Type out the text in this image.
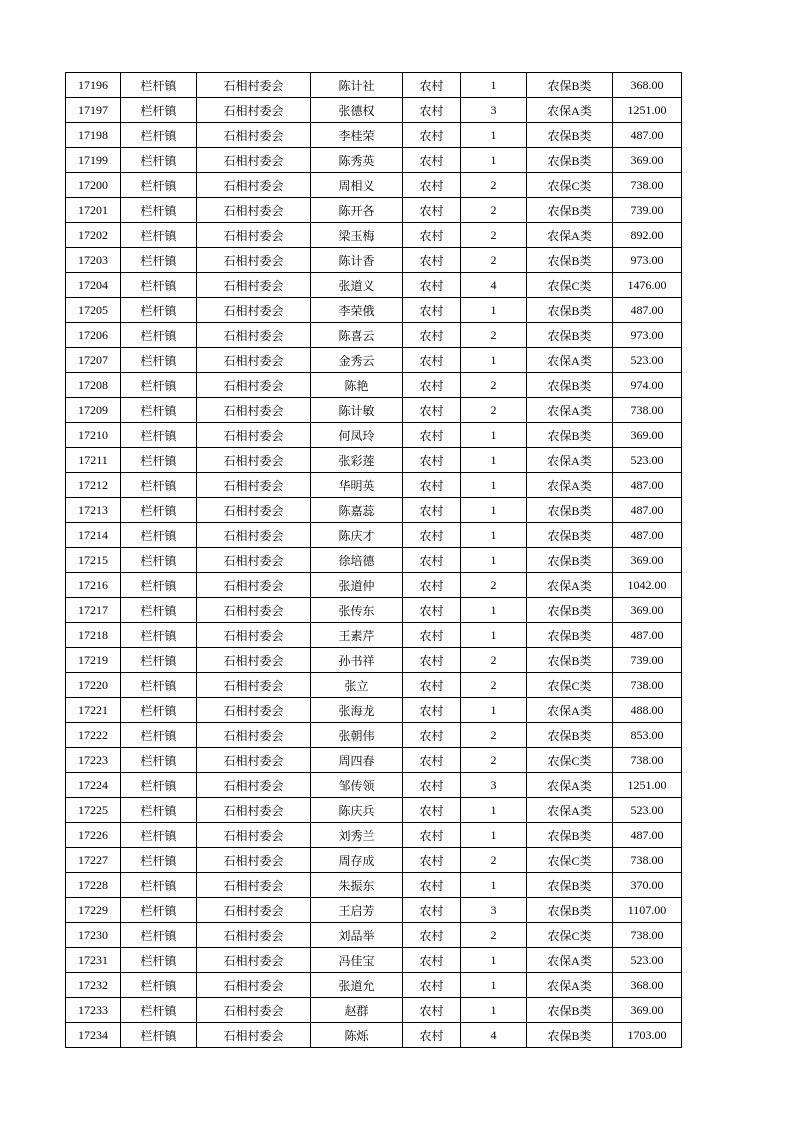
17196	栏杆镇	石相村委会	陈计社	农村	1	农保B类	368.00
17197	栏杆镇	石相村委会	张德权	农村	3	农保A类	1251.00
17198	栏杆镇	石相村委会	李桂荣	农村	1	农保B类	487.00
17199	栏杆镇	石相村委会	陈秀英	农村	1	农保B类	369.00
17200	栏杆镇	石相村委会	周相义	农村	2	农保C类	738.00
17201	栏杆镇	石相村委会	陈开各	农村	2	农保B类	739.00
17202	栏杆镇	石相村委会	梁玉梅	农村	2	农保A类	892.00
17203	栏杆镇	石相村委会	陈计香	农村	2	农保B类	973.00
17204	栏杆镇	石相村委会	张道义	农村	4	农保C类	1476.00
17205	栏杆镇	石相村委会	李荣俄	农村	1	农保B类	487.00
17206	栏杆镇	石相村委会	陈喜云	农村	2	农保B类	973.00
17207	栏杆镇	石相村委会	金秀云	农村	1	农保A类	523.00
17208	栏杆镇	石相村委会	陈艳	农村	2	农保B类	974.00
17209	栏杆镇	石相村委会	陈计敏	农村	2	农保A类	738.00
17210	栏杆镇	石相村委会	何凤玲	农村	1	农保B类	369.00
17211	栏杆镇	石相村委会	张彩莲	农村	1	农保A类	523.00
17212	栏杆镇	石相村委会	华明英	农村	1	农保A类	487.00
17213	栏杆镇	石相村委会	陈嘉蕊	农村	1	农保B类	487.00
17214	栏杆镇	石相村委会	陈庆才	农村	1	农保B类	487.00
17215	栏杆镇	石相村委会	徐培德	农村	1	农保B类	369.00
17216	栏杆镇	石相村委会	张道仲	农村	2	农保A类	1042.00
17217	栏杆镇	石相村委会	张传东	农村	1	农保B类	369.00
17218	栏杆镇	石相村委会	王素芹	农村	1	农保B类	487.00
17219	栏杆镇	石相村委会	孙书祥	农村	2	农保B类	739.00
17220	栏杆镇	石相村委会	张立	农村	2	农保C类	738.00
17221	栏杆镇	石相村委会	张海龙	农村	1	农保A类	488.00
17222	栏杆镇	石相村委会	张朝伟	农村	2	农保B类	853.00
17223	栏杆镇	石相村委会	周四春	农村	2	农保C类	738.00
17224	栏杆镇	石相村委会	邹传领	农村	3	农保A类	1251.00
17225	栏杆镇	石相村委会	陈庆兵	农村	1	农保A类	523.00
17226	栏杆镇	石相村委会	刘秀兰	农村	1	农保B类	487.00
17227	栏杆镇	石相村委会	周存成	农村	2	农保C类	738.00
17228	栏杆镇	石相村委会	朱振东	农村	1	农保B类	370.00
17229	栏杆镇	石相村委会	王启芳	农村	3	农保B类	1107.00
17230	栏杆镇	石相村委会	刘品举	农村	2	农保C类	738.00
17231	栏杆镇	石相村委会	冯佳宝	农村	1	农保A类	523.00
17232	栏杆镇	石相村委会	张道允	农村	1	农保A类	368.00
17233	栏杆镇	石相村委会	赵群	农村	1	农保B类	369.00
17234	栏杆镇	石相村委会	陈烁	农村	4	农保B类	1703.00
